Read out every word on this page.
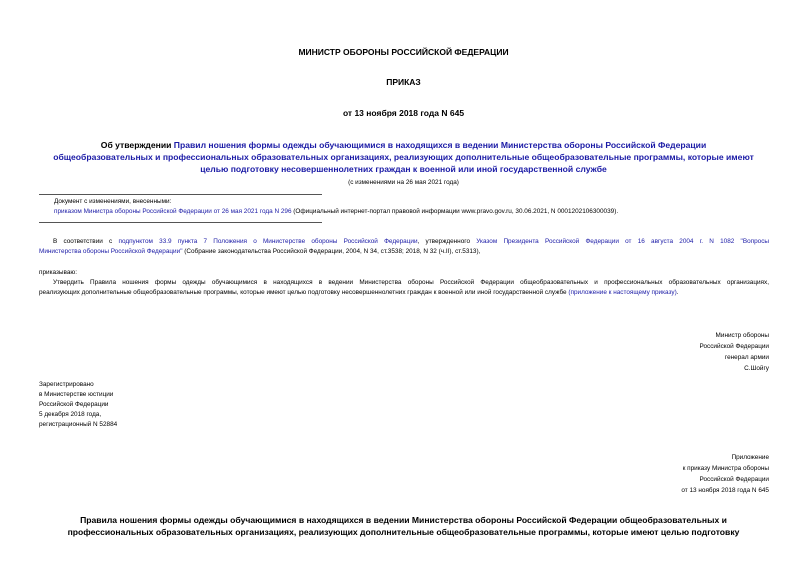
МИНИСТР ОБОРОНЫ РОССИЙСКОЙ ФЕДЕРАЦИИ
ПРИКАЗ
от 13 ноября 2018 года N 645
Об утверждении Правил ношения формы одежды обучающимися в находящихся в ведении Министерства обороны Российской Федерации
общеобразовательных и профессиональных образовательных организациях, реализующих дополнительные общеобразовательные программы, которые имеют
целью подготовку несовершеннолетних граждан к военной или иной государственной службе
(с изменениями на 26 мая 2021 года)
Документ с изменениями, внесенными:
приказом Министра обороны Российской Федерации от 26 мая 2021 года N 296 (Официальный интернет-портал правовой информации www.pravo.gov.ru, 30.06.2021, N 0001202106300039).
В соответствии с подпунктом 33.9 пункта 7 Положения о Министерстве обороны Российской Федерации, утвержденного Указом Президента Российской Федерации от 16 августа 2004 г. N 1082 "Вопросы
Министерства обороны Российской Федерации" (Собрание законодательства Российской Федерации, 2004, N 34, ст.3538; 2018, N 32 (ч.II), ст.5313),
приказываю:
Утвердить Правила ношения формы одежды обучающимися в находящихся в ведении Министерства обороны Российской Федерации общеобразовательных и профессиональных образовательных организациях,
реализующих дополнительные общеобразовательные программы, которые имеют целью подготовку несовершеннолетних граждан к военной или иной государственной службе (приложение к настоящему приказу).
Министр обороны
Российской Федерации
генерал армии
С.Шойгу
Зарегистрировано
в Министерстве юстиции
Российской Федерации
5 декабря 2018 года,
регистрационный N 52884
Приложение
к приказу Министра обороны
Российской Федерации
от 13 ноября 2018 года N 645
Правила ношения формы одежды обучающимися в находящихся в ведении Министерства обороны Российской Федерации общеобразовательных и
профессиональных образовательных организациях, реализующих дополнительные общеобразовательные программы, которые имеют целью подготовку
